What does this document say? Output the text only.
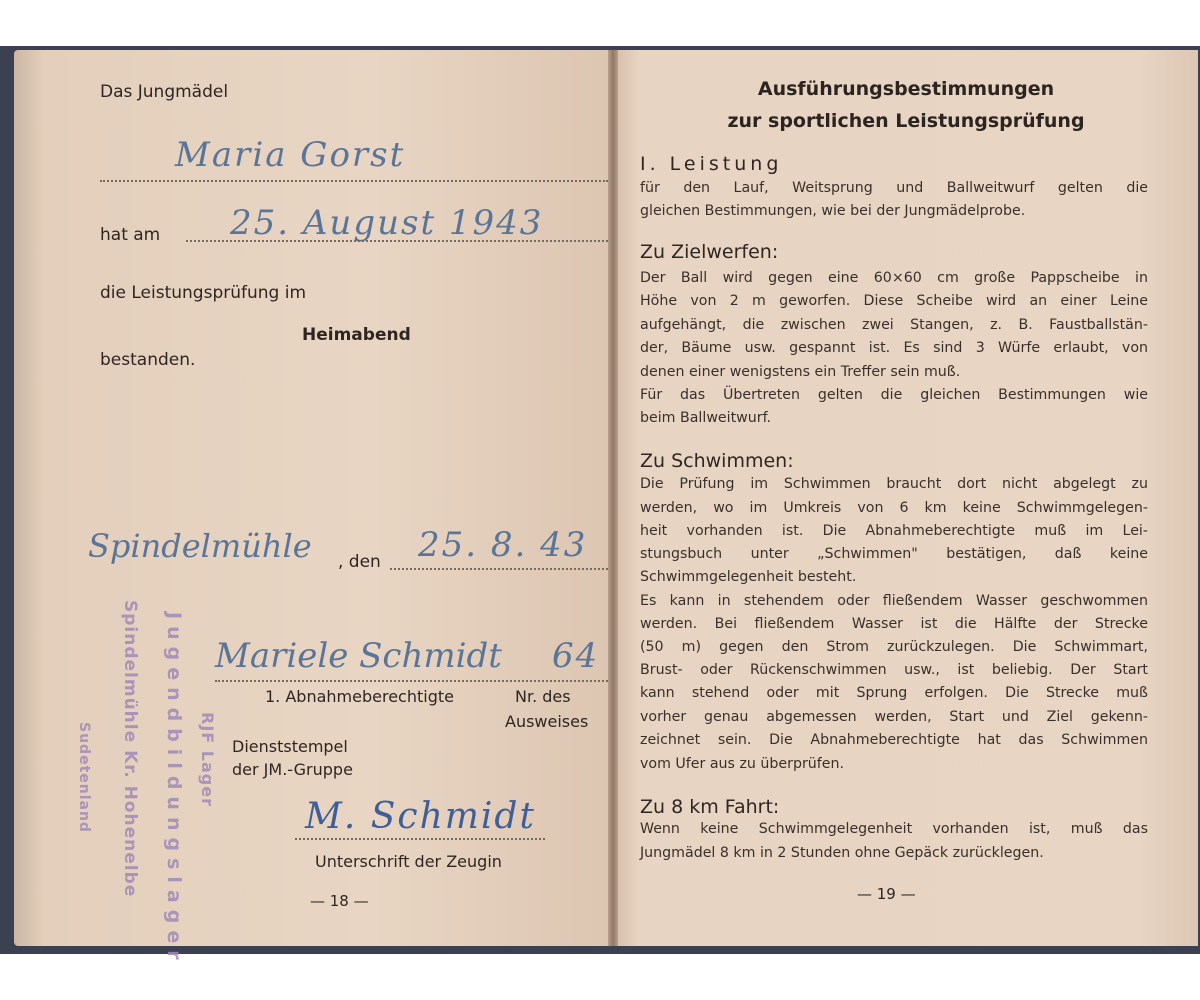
Das Jungmädel
Maria Gorst
hat am 25. August 1943
die Leistungsprüfung im
Heimabend
bestanden.
Jugendbildungslager
Spindelmühle Kr. Hohenelbe
Sudetenland	RJF Lager
Spindelmühle , den 25. 8. 43
Mariele Schmidt 64
1. Abnahmeberechtigte	Nr. des
Ausweises
Dienststempel
der JM.-Gruppe
M. Schmidt
Unterschrift der Zeugin
— 18 —
Ausführungsbestimmungen
zur sportlichen Leistungsprüfung
I. Leistung
für den Lauf, Weitsprung und Ballweitwurf gelten die
gleichen Bestimmungen, wie bei der Jungmädelprobe.
Zu Zielwerfen:
Der Ball wird gegen eine 60×60 cm große Pappscheibe in
Höhe von 2 m geworfen. Diese Scheibe wird an einer Leine
aufgehängt, die zwischen zwei Stangen, z. B. Faustballstän-
der, Bäume usw. gespannt ist. Es sind 3 Würfe erlaubt, von
denen einer wenigstens ein Treffer sein muß.
Für das Übertreten gelten die gleichen Bestimmungen wie
beim Ballweitwurf.
Zu Schwimmen:
Die Prüfung im Schwimmen braucht dort nicht abgelegt zu
werden, wo im Umkreis von 6 km keine Schwimmgelegen-
heit vorhanden ist. Die Abnahmeberechtigte muß im Lei-
stungsbuch unter „Schwimmen" bestätigen, daß keine
Schwimmgelegenheit besteht.
Es kann in stehendem oder fließendem Wasser geschwommen
werden. Bei fließendem Wasser ist die Hälfte der Strecke
(50 m) gegen den Strom zurückzulegen. Die Schwimmart,
Brust- oder Rückenschwimmen usw., ist beliebig. Der Start
kann stehend oder mit Sprung erfolgen. Die Strecke muß
vorher genau abgemessen werden, Start und Ziel gekenn-
zeichnet sein. Die Abnahmeberechtigte hat das Schwimmen
vom Ufer aus zu überprüfen.
Zu 8 km Fahrt:
Wenn keine Schwimmgelegenheit vorhanden ist, muß das
Jungmädel 8 km in 2 Stunden ohne Gepäck zurücklegen.
— 19 —
